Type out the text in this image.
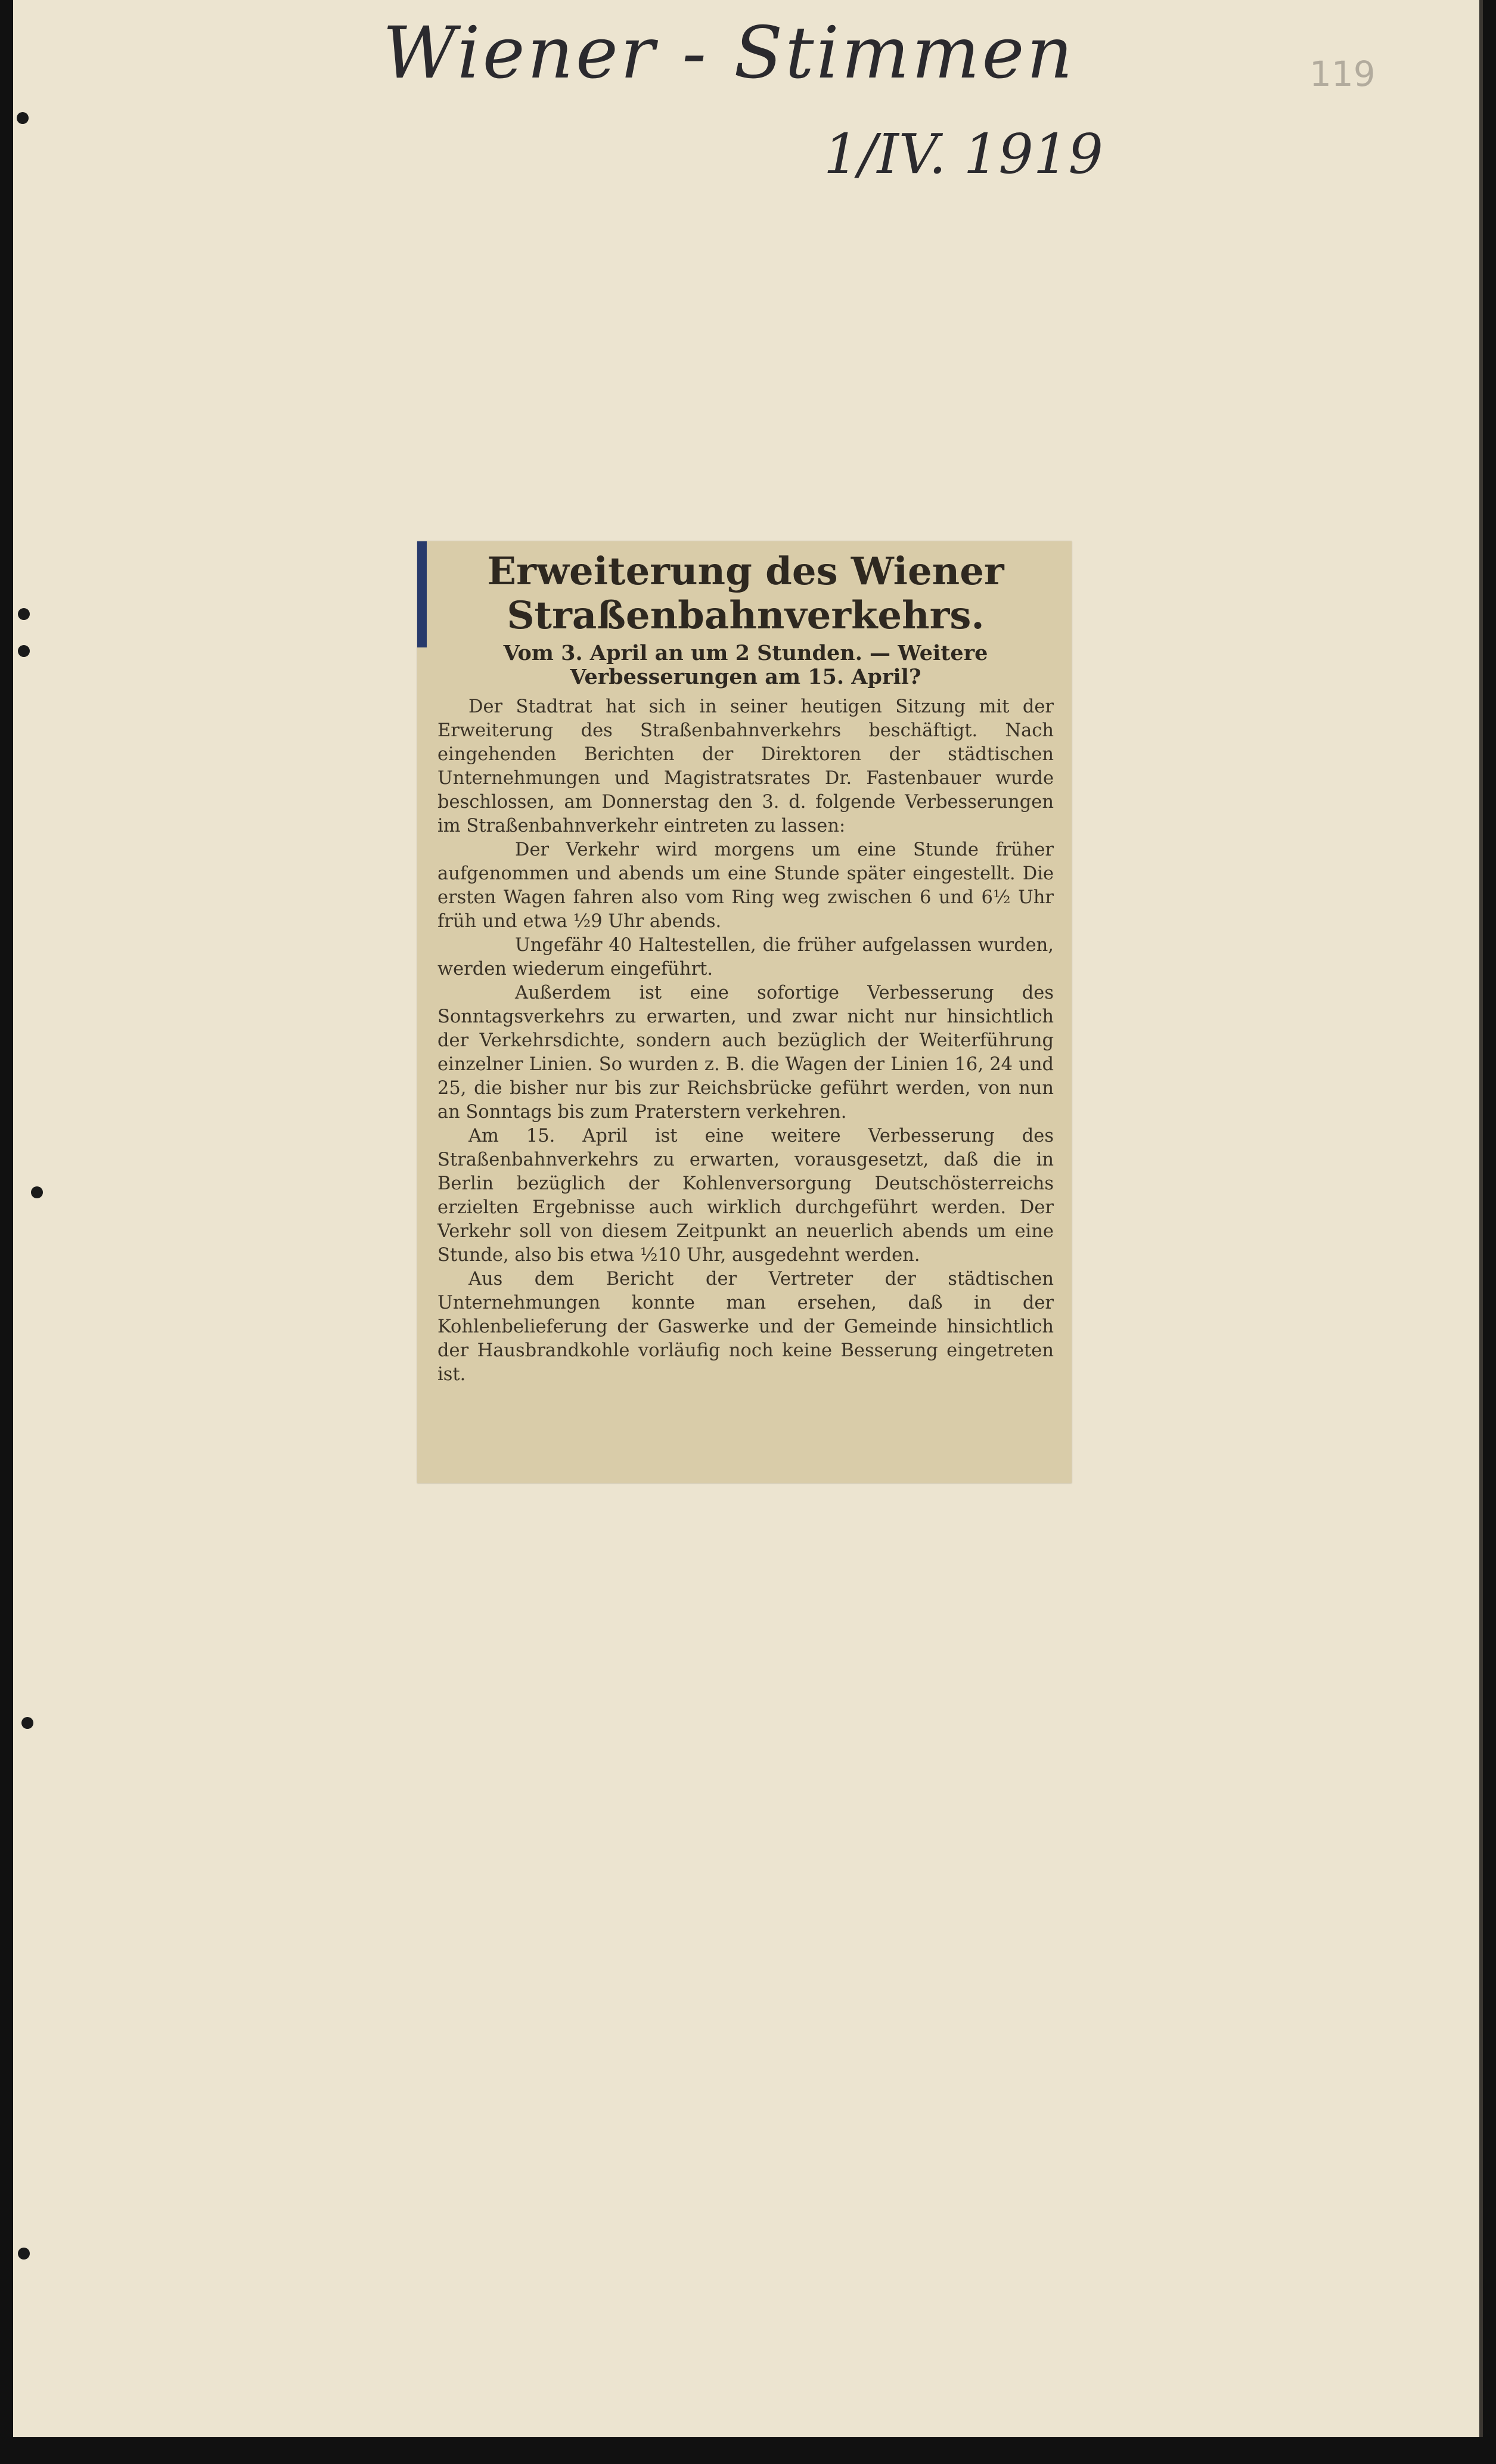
Wiener - Stimmen
1/IV. 1919
119
Erweiterung des Wiener Straßenbahnverkehrs.
Vom 3. April an um 2 Stunden. — Weitere Verbesserungen am 15. April?

Der Stadtrat hat sich in seiner heutigen Sitzung mit der Erweiterung des Straßenbahnverkehrs beschäftigt. Nach eingehenden Berichten der Direktoren der städtischen Unternehmungen und Magistratsrates Dr. Fastenbauer wurde beschlossen, am Donnerstag den 3. d. folgende Verbesserungen im Straßenbahnverkehr eintreten zu lassen:

Der Verkehr wird morgens um eine Stunde früher aufgenommen und abends um eine Stunde später eingestellt. Die ersten Wagen fahren also vom Ring weg zwischen 6 und 6½ Uhr früh und etwa ½9 Uhr abends.

Ungefähr 40 Haltestellen, die früher aufgelassen wurden, werden wiederum eingeführt.

Außerdem ist eine sofortige Verbesserung des Sonntagsverkehrs zu erwarten, und zwar nicht nur hinsichtlich der Verkehrsdichte, sondern auch bezüglich der Weiterführung einzelner Linien. So wurden z. B. die Wagen der Linien 16, 24 und 25, die bisher nur bis zur Reichsbrücke geführt werden, von nun an Sonntags bis zum Praterstern verkehren.

Am 15. April ist eine weitere Verbesserung des Straßenbahnverkehrs zu erwarten, vorausgesetzt, daß die in Berlin bezüglich der Kohlenversorgung Deutschösterreichs erzielten Ergebnisse auch wirklich durchgeführt werden. Der Verkehr soll von diesem Zeitpunkt an neuerlich abends um eine Stunde, also bis etwa ½10 Uhr, ausgedehnt werden.

Aus dem Bericht der Vertreter der städtischen Unternehmungen konnte man ersehen, daß in der Kohlenbelieferung der Gaswerke und der Gemeinde hinsichtlich der Hausbrandkohle vorläufig noch keine Besserung eingetreten ist.
